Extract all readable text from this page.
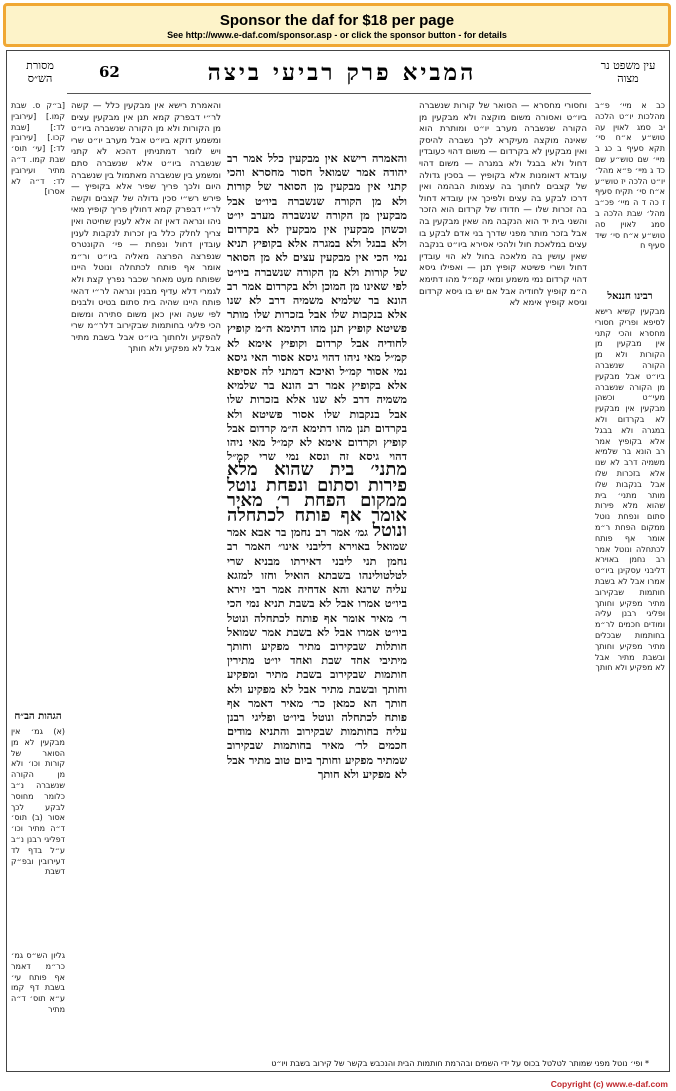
Sponsor the daf for $18 per page
See http://www.e-daf.com/sponsor.asp - or click the sponsor button - for details
עין משפט נר מצוה
המביא פרק רביעי ביצה
62
מסורת הש״ס
כב א מיי׳ פ״ב מהלכות יו״ט הלכה יב סמג לאוין עה טוש״ע א״ח סי׳ תקא סעיף ב כג ב מיי׳ שם טוש״ע שם כד ג מיי׳ פ״א מהל׳ יו״ט הלכה יז טוש״ע א״ח סי׳ תקיח סעיף ז כה ד ה מיי׳ פכ״ב מהל׳ שבת הלכה ב סמג לאוין סה טוש״ע א״ח סי׳ שיד סעיף ח
רבינו חננאל
מבקעין קשיא רישא לסיפא ופריק חסורי מחסרא והכי קתני אין מבקעין מן הקורות ולא מן הקורה שנשברה ביו״ט אבל מבקעין מן הקורה שנשברה מעי״ט וכשהן מבקעין אין מבקעין לא בקרדום ולא במגרה ולא בבגל אלא בקופיץ אמר רב הונא בר שלמיא משמיה דרב לא שנו אלא בזכרות שלו אבל בנקבות שלו מותר מתני׳ בית שהוא מלא פירות סתום ונפחת נוטל ממקום הפחת ר״מ אומר אף פותח לכתחלה ונוטל אמר רב נחמן באוירא דליבני עסקינן ביו״ט אמרו אבל לא בשבת חותמות שבקירוב מתיר מפקיע וחותך ופליגי רבנן עליה ומודים חכמים לר״מ בחותמות שבכלים מתיר מפקיע וחותך ובשבת מתיר אבל לא מפקיע ולא חותך
וחסורי מחסרא — הסואר של קורות שנשברה ביו״ט ואסורה משום מוקצה ולא מבקעין מן הקורה שנשברה מערב יו״ט ומותרת הוא שאינה מוקצה מעיקרא לכך נשברה להיסק ואין מבקעין לא בקרדום — משום דהוי כעובדין דחול ולא בבגל ולא במגרה — משום דהוי עובדא דאומנות אלא בקופיץ — בסכין גדולה של קצבים לחתוך בה עצמות הבהמה ואין דרכו לבקע בה עצים ולפיכך אין עובדא דחול בה זכרות שלו — חדודו של קרדום הוא הזכר והשני בית יד הוא הנקבה מה שאין מבקעין בה אבל בזכר מותר מפני שדרך בני אדם לבקע בו עצים במלאכת חול ולהכי אסירא ביו״ט בנקבה שאין עושין בה מלאכה בחול לא הוי עובדין דחול ושרי פשיטא קופיץ תנן — ואפילו גיסא דהוי קרדום נמי משמע ומאי קמ״ל מהו דתימא ה״מ קופיץ לחודיה אבל אם יש בו גיסא קרדום וגיסא קופיץ אימא לא
והאמרה רישא אין מבקעין כלל אמר רב יהודה אמר שמואל חסור מחסרא והכי קתני אין מבקעין מן הסואר של קורות ולא מן הקורה שנשברה ביו״ט אבל מבקעין מן הקורה שנשברה מערב יו״ט וכשהן מבקעין אין מבקעין לא בקרדום ולא בבגל ולא במגרה אלא בקופיץ תניא נמי הכי אין מבקעין עצים לא מן הסואר של קורות ולא מן הקורה שנשברה ביו״ט לפי שאינו מן המוכן ולא בקרדום אמר רב הונא בר שלמיא משמיה דרב לא שנו אלא בנקבות שלו אבל בזכרות שלו מותר פשיטא קופיץ תנן מהו דתימא ה״מ קופיץ לחודיה אבל קרדום וקופיץ אימא לא קמ״ל מאי ניהו דהוי גיסא אסור האי גיסא נמי אסור קמ״ל ואיכא דמתני לה אסיפא אלא בקופיץ אמר רב הונא בר שלמיא משמיה דרב לא שנו אלא בזכרות שלו אבל בנקבות שלו אסור פשיטא ולא בקרדום תנן מהו דתימא ה״מ קרדום אבל קופיץ וקרדום אימא לא קמ״ל מאי ניהו דהוי גיסא זה ונסא נמי שרי קמ״ל מתני׳ בית שהוא מלא פירות וסתום ונפחת נוטל ממקום הפחת ר׳ מאיר אומר אף פותח לכתחלה ונוטל גמ׳ אמר רב נחמן בר אבא אמר שמואל באוירא דליבני אינו״ האמר רב נחמן תני ליבני דאירתו מבניא שרי לטלטולינהו בשבתא הואיל וחזו למזגא עליה שרגא והא אדחיה אמר רבי זירא ביו״ט אמרו אבל לא בשבת תניא נמי הכי ר׳ מאיר אומר אף פותח לכתחלה ונוטל ביו״ט אמרו אבל לא בשבת אמר שמואל חותלות שבקירוב מתיר מפקיע וחותך מיתיבי אחד שבת ואחד יו״ט מתירין חותמות שבקירוב בשבת מתיר ומפקיע וחותך ובשבת מתיר אבל לא מפקיע ולא חותך הא כמאן כר׳ מאיר דאמר אף פותח לכתחלה ונוטל ביו״ט ופליגי רבנן עליה בחותמות שבקירוב והתניא מודים חכמים לר׳ מאיר בחותמות שבקירוב שמתיר מפקיע וחותך ביום טוב מתיר אבל לא מפקיע ולא חותך
והאמרת רישא אין מבקעין כלל — קשה לר״י דבפרק קמא תנן אין מבקעין עצים מן הקורות ולא מן הקורה שנשברה ביו״ט ומשמע דוקא ביו״ט אבל מערב יו״ט שרי ויש לומר דמתניתין דהכא לא קתני שנשברה ביו״ט אלא שנשברה סתם ומשמע בין שנשברה מאתמול בין שנשברה היום ולכך פריך שפיר אלא בקופיץ — פירש רש״י סכין גדולה של קצבים וקשה לר״י דבפרק קמא דחולין פריך קופיץ מאי ניהו ונראה דאין זה אלא לענין שחיטה ואין צריך לחלק כלל בין זכרות לנקבות לענין עובדין דחול ונפחת — פי׳ הקונטרס שנפרצה הפרצה מאליה ביו״ט ור״מ אומר אף פותח לכתחלה ונוטל היינו שפותח מעט מאחר שכבר נפרץ קצת ולא לגמרי דלא עדיף מבנין ונראה לר״י דהאי פותח היינו שהיה בית סתום בטיט ולבנים לפי שעה ואין כאן משום סתירה ומשום הכי פליגי בחותמות שבקירוב דלר״מ שרי להפקיע ולחתוך ביו״ט אבל בשבת מתיר אבל לא מפקיע ולא חותך
[ב״ק ס. שבת קמו.] [עירובין לד:] [שבת קכו.] [עירובין לד:] [עי׳ תוס׳ שבת קמו. ד״ה מתיר ועירובין לד: ד״ה לא אסרו]
הגהות הב״ח
(א) גמ׳ אין מבקעין לא מן הסואר של קורות וכו׳ ולא מן הקורה שנשברה נ״ב כלומר מחוסר לבקע לכך אסור (ב) תוס׳ ד״ה מתיר וכו׳ דפליגי רבנן נ״ב ע״ל בדף לד דעירובין ובפ״ק דשבת
גליון הש״ס גמ׳ כר״מ דאמר אף פותח עי׳ בשבת דף קמו ע״א תוס׳ ד״ה מתיר
* ופי׳ נוטל מפני שמותר לטלטל בכוס על ידי השמים ובהרמת חותמות הבית והנכבש בקשר של קירוב בשבת ויו״ט
Copyright (c) www.e-daf.com
